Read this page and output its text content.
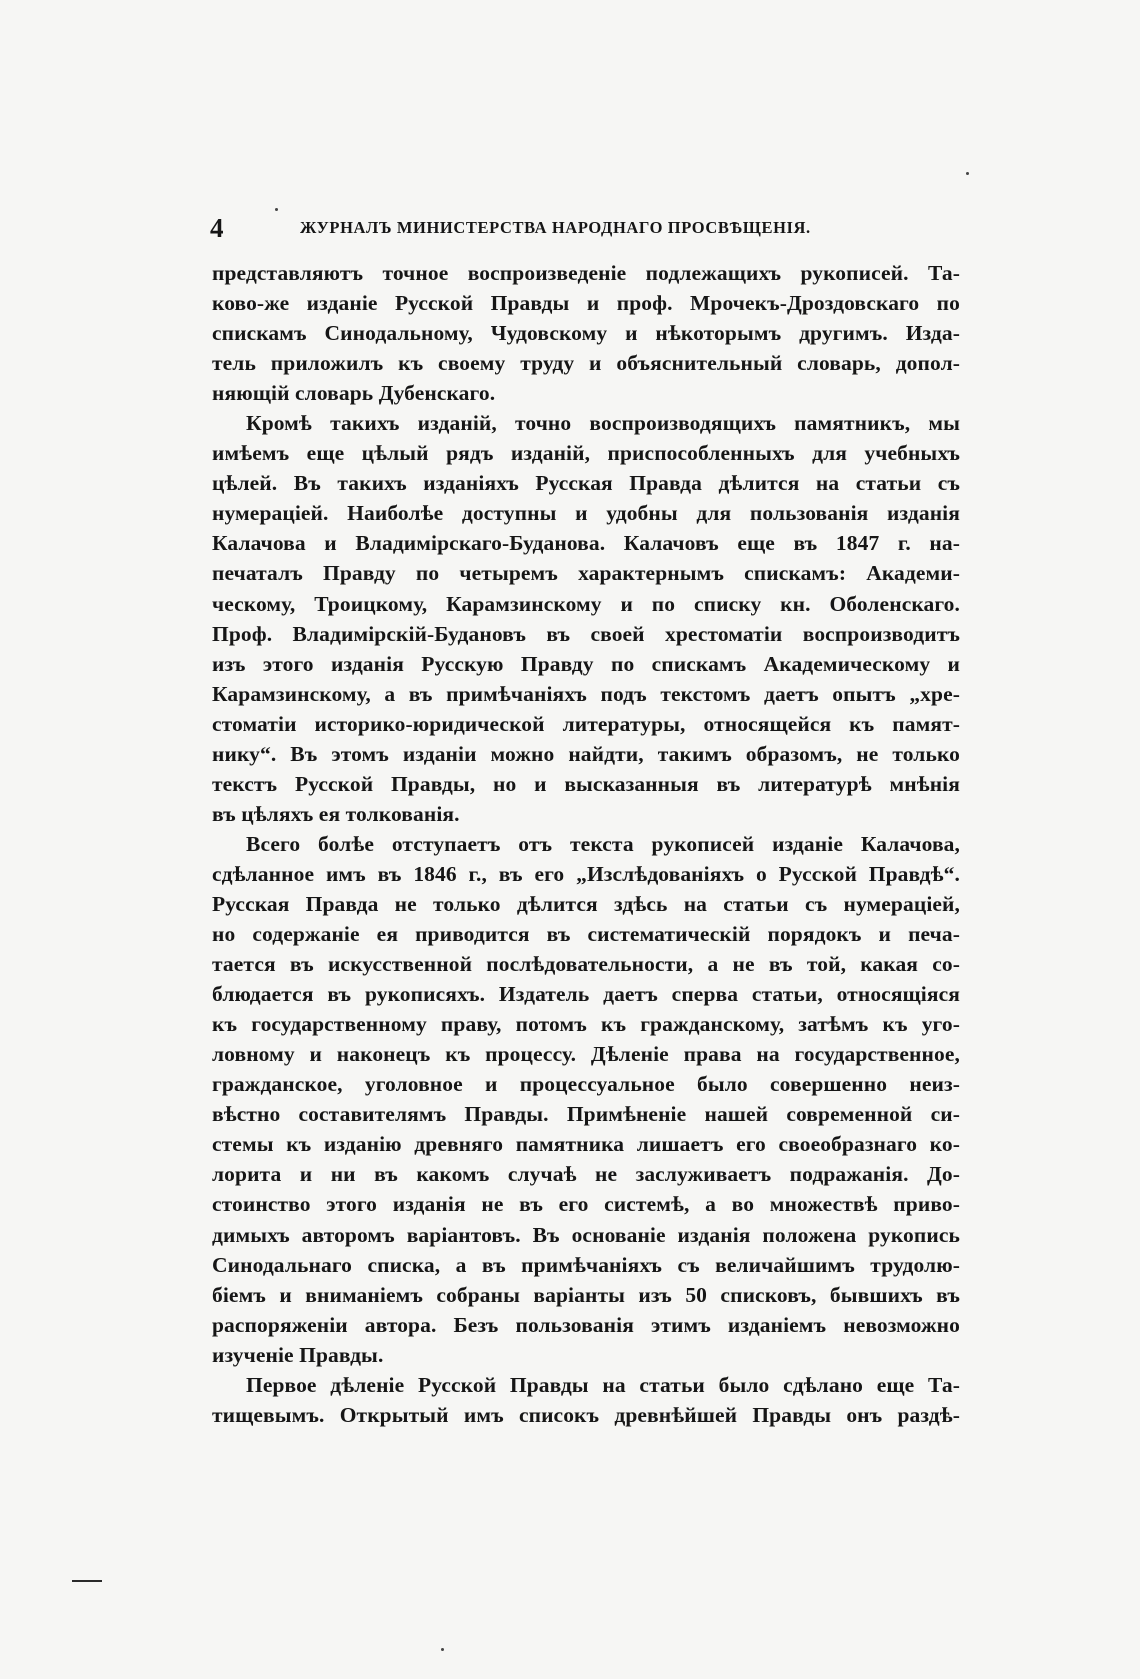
4	ЖУРНАЛЪ МИНИСТЕРСТВА НАРОДНАГО ПРОСВѢЩЕНІЯ.
представляютъ точное воспроизведеніе подлежащихъ рукописей. Та-
ково-же изданіе Русской Правды и проф. Мрочекъ-Дроздовскаго по
спискамъ Синодальному, Чудовскому и нѣкоторымъ другимъ. Изда-
тель приложилъ къ своему труду и объяснительный словарь, допол-
няющій словарь Дубенскаго.
Кромѣ такихъ изданій, точно воспроизводящихъ памятникъ, мы
имѣемъ еще цѣлый рядъ изданій, приспособленныхъ для учебныхъ
цѣлей. Въ такихъ изданіяхъ Русская Правда дѣлится на статьи съ
нумераціей. Наиболѣе доступны и удобны для пользованія изданія
Калачова и Владимірскаго-Буданова. Калачовъ еще въ 1847 г. на-
печаталъ Правду по четыремъ характернымъ спискамъ: Академи-
ческому, Троицкому, Карамзинскому и по списку кн. Оболенскаго.
Проф. Владимірскій-Будановъ въ своей хрестоматіи воспроизводитъ
изъ этого изданія Русскую Правду по спискамъ Академическому и
Карамзинскому, а въ примѣчаніяхъ подъ текстомъ даетъ опытъ „хре-
стоматіи историко-юридической литературы, относящейся къ памят-
нику“. Въ этомъ изданіи можно найдти, такимъ образомъ, не только
текстъ Русской Правды, но и высказанныя въ литературѣ мнѣнія
въ цѣляхъ ея толкованія.
Всего болѣе отступаетъ отъ текста рукописей изданіе Калачова,
сдѣланное имъ въ 1846 г., въ его „Изслѣдованіяхъ о Русской Правдѣ“.
Русская Правда не только дѣлится здѣсь на статьи съ нумераціей,
но содержаніе ея приводится въ систематическій порядокъ и печа-
тается въ искусственной послѣдовательности, а не въ той, какая со-
блюдается въ рукописяхъ. Издатель даетъ сперва статьи, относящіяся
къ государственному праву, потомъ къ гражданскому, затѣмъ къ уго-
ловному и наконецъ къ процессу. Дѣленіе права на государственное,
гражданское, уголовное и процессуальное было совершенно неиз-
вѣстно составителямъ Правды. Примѣненіе нашей современной си-
стемы къ изданію древняго памятника лишаетъ его своеобразнаго ко-
лорита и ни въ какомъ случаѣ не заслуживаетъ подражанія. До-
стоинство этого изданія не въ его системѣ, а во множествѣ приво-
димыхъ авторомъ варіантовъ. Въ основаніе изданія положена рукопись
Синодальнаго списка, а въ примѣчаніяхъ съ величайшимъ трудолю-
біемъ и вниманіемъ собраны варіанты изъ 50 списковъ, бывшихъ въ
распоряженіи автора. Безъ пользованія этимъ изданіемъ невозможно
изученіе Правды.
Первое дѣленіе Русской Правды на статьи было сдѣлано еще Та-
тищевымъ. Открытый имъ списокъ древнѣйшей Правды онъ раздѣ-
